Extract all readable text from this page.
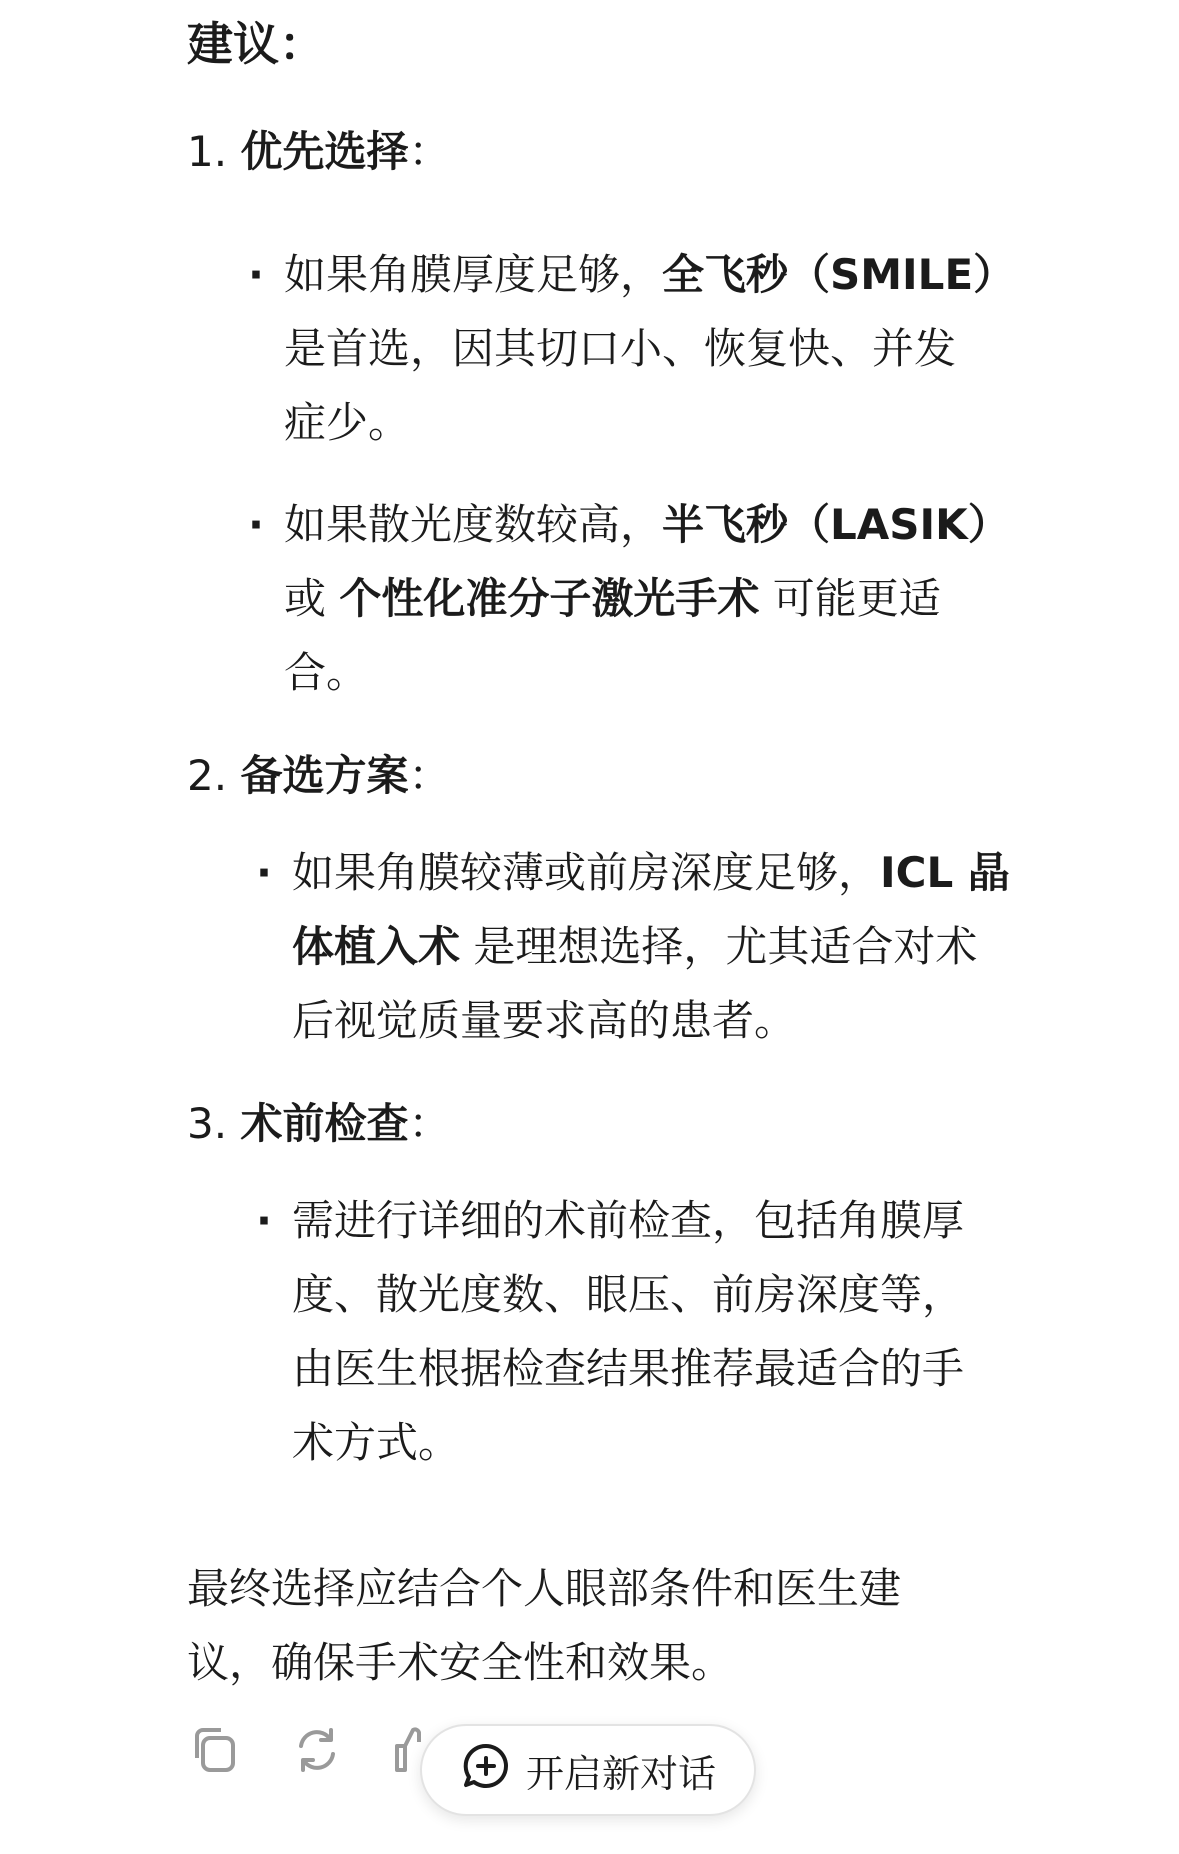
建议：
1. 优先选择：
· 如果角膜厚度足够，全飞秒（SMILE）
是首选，因其切口小、恢复快、并发
症少。
· 如果散光度数较高，半飞秒（LASIK）
或 个性化准分子激光手术 可能更适
合。
2. 备选方案：
· 如果角膜较薄或前房深度足够，ICL 晶
体植入术 是理想选择，尤其适合对术
后视觉质量要求高的患者。
3. 术前检查：
· 需进行详细的术前检查，包括角膜厚
度、散光度数、眼压、前房深度等，
由医生根据检查结果推荐最适合的手
术方式。
最终选择应结合个人眼部条件和医生建
议，确保手术安全性和效果。
开启新对话
